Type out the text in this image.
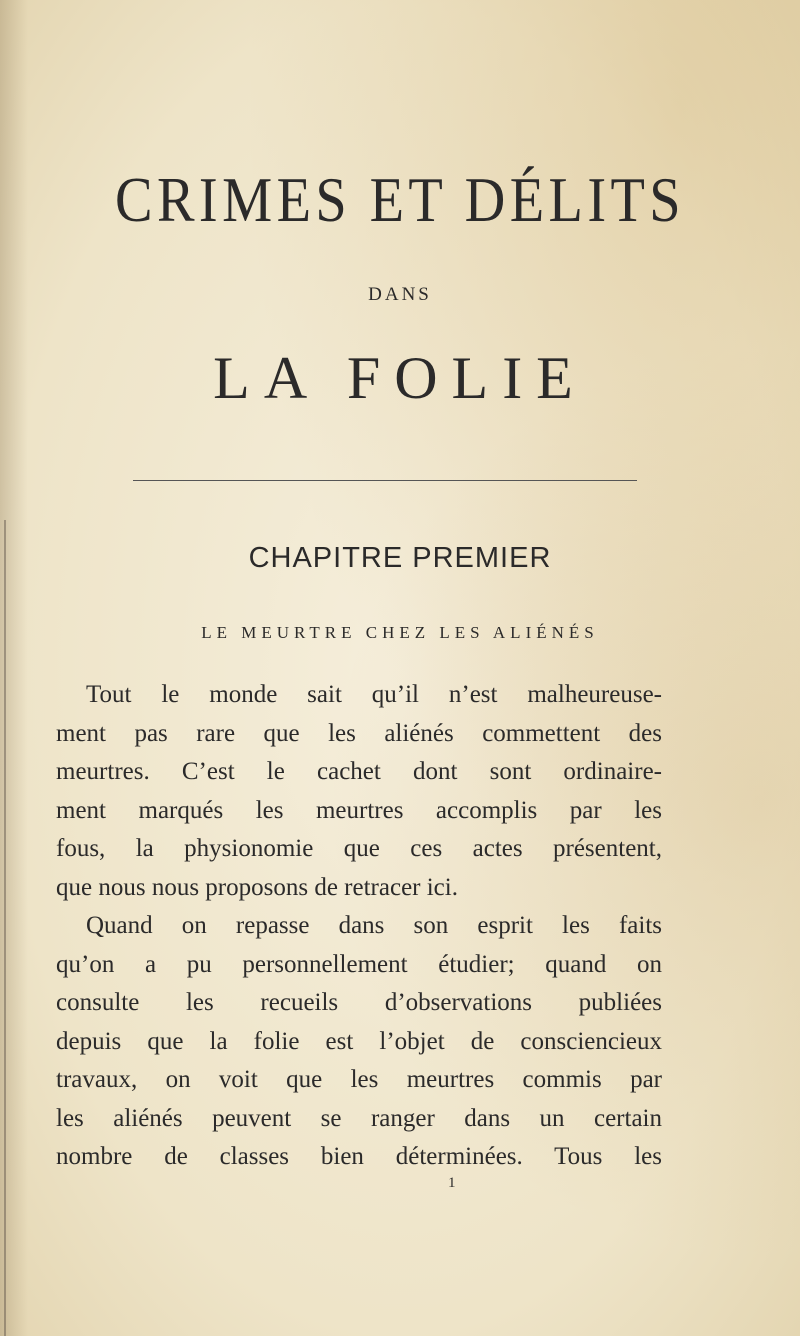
CRIMES ET DÉLITS
DANS
LA FOLIE
CHAPITRE PREMIER
LE MEURTRE CHEZ LES ALIÉNÉS
Tout le monde sait qu’il n’est malheureuse-
ment pas rare que les aliénés commettent des
meurtres. C’est le cachet dont sont ordinaire-
ment marqués les meurtres accomplis par les
fous, la physionomie que ces actes présentent,
que nous nous proposons de retracer ici.
Quand on repasse dans son esprit les faits
qu’on a pu personnellement étudier; quand on
consulte les recueils d’observations publiées
depuis que la folie est l’objet de consciencieux
travaux, on voit que les meurtres commis par
les aliénés peuvent se ranger dans un certain
nombre de classes bien déterminées. Tous les
1
